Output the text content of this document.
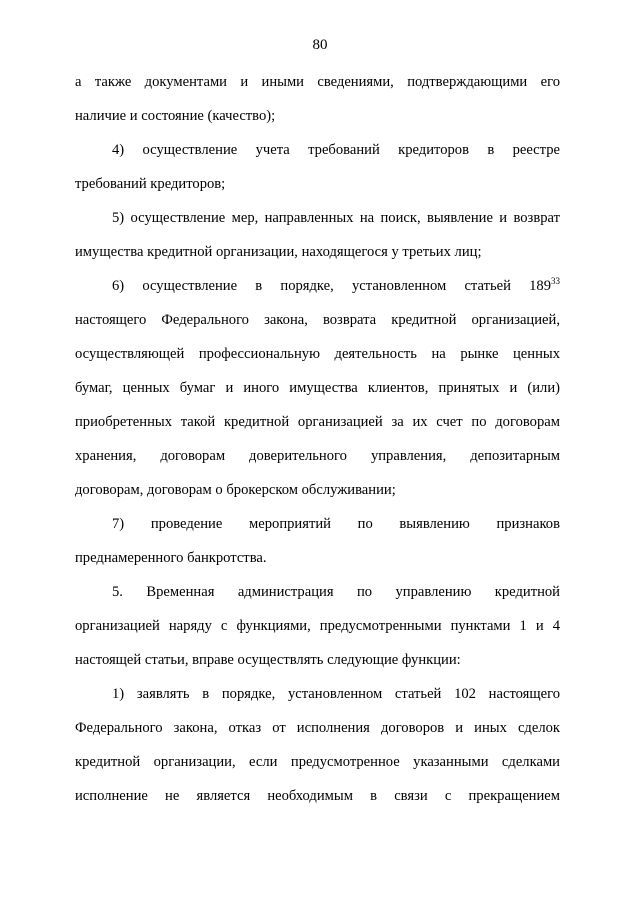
80
а также документами и иными сведениями, подтверждающими его
наличие и состояние (качество);
4) осуществление учета требований кредиторов в реестре
требований кредиторов;
5) осуществление мер, направленных на поиск, выявление и возврат
имущества кредитной организации, находящегося у третьих лиц;
6) осуществление в порядке, установленном статьей $189^{33}$
настоящего Федерального закона, возврата кредитной организацией,
осуществляющей профессиональную деятельность на рынке ценных
бумаг, ценных бумаг и иного имущества клиентов, принятых и (или)
приобретенных такой кредитной организацией за их счет по договорам
хранения, договорам доверительного управления, депозитарным
договорам, договорам о брокерском обслуживании;
7) проведение мероприятий по выявлению признаков
преднамеренного банкротства.
5. Временная администрация по управлению кредитной
организацией наряду с функциями, предусмотренными пунктами 1 и 4
настоящей статьи, вправе осуществлять следующие функции:
1) заявлять в порядке, установленном статьей 102 настоящего
Федерального закона, отказ от исполнения договоров и иных сделок
кредитной организации, если предусмотренное указанными сделками
исполнение не является необходимым в связи с прекращением
